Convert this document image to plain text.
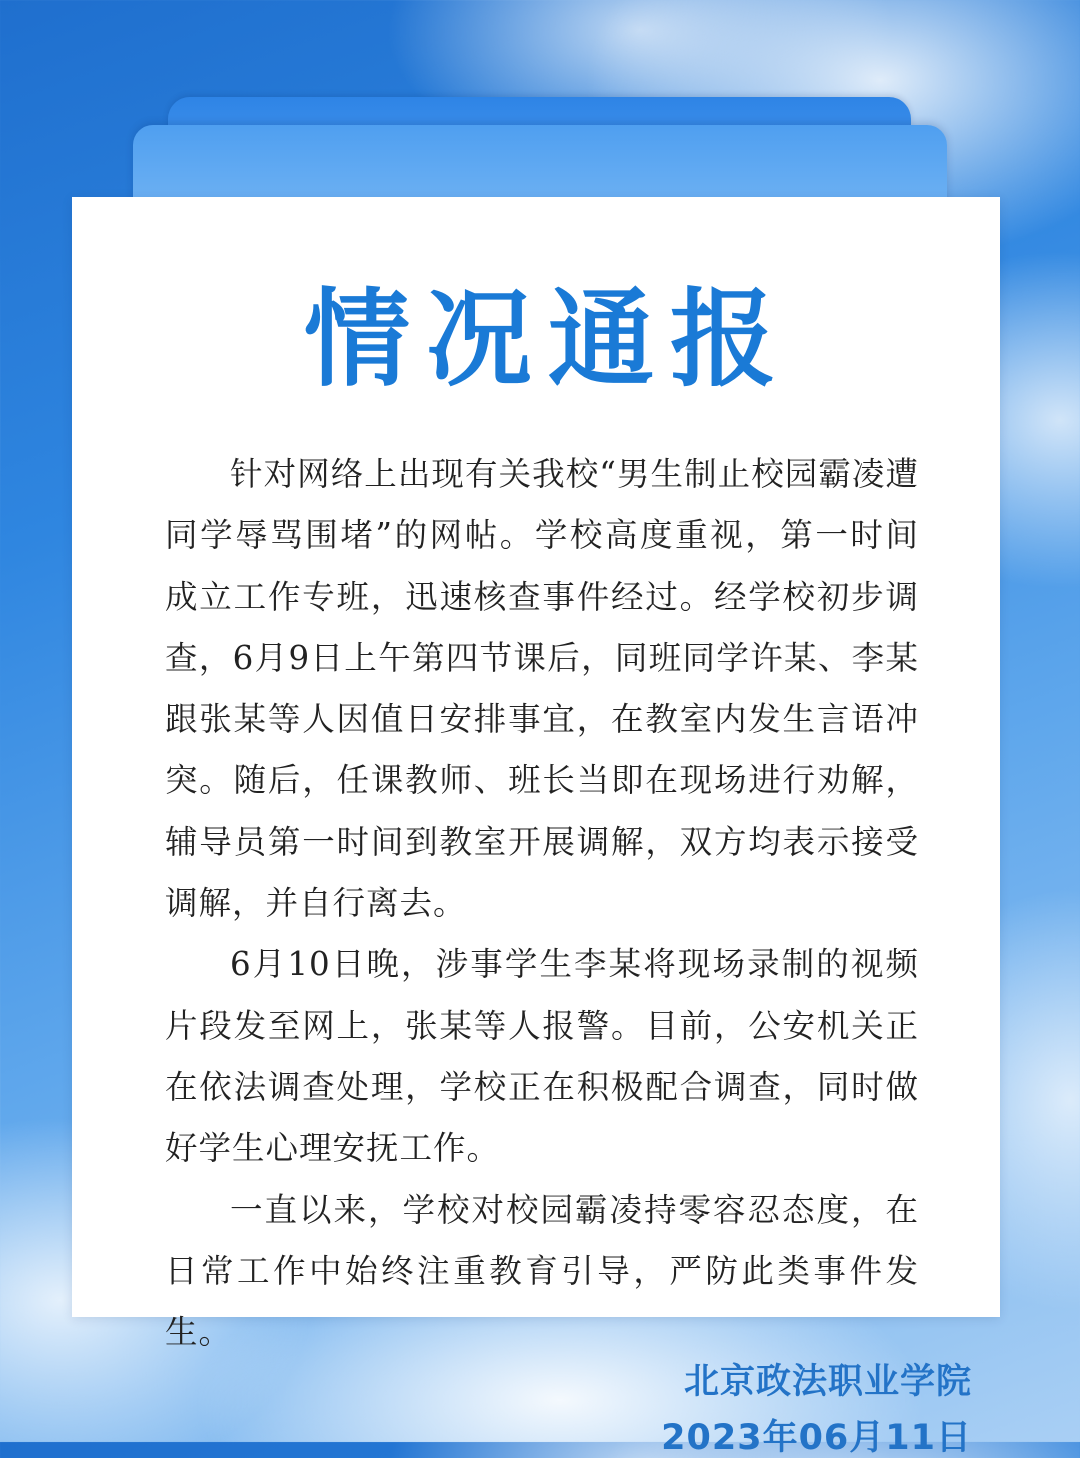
情况通报

针对网络上出现有关我校“男生制止校园霸凌遭同学辱骂围堵”的网帖。学校高度重视，第一时间成立工作专班，迅速核查事件经过。经学校初步调查，6月9日上午第四节课后，同班同学许某、李某跟张某等人因值日安排事宜，在教室内发生言语冲突。随后，任课教师、班长当即在现场进行劝解，辅导员第一时间到教室开展调解，双方均表示接受调解，并自行离去。

6月10日晚，涉事学生李某将现场录制的视频片段发至网上，张某等人报警。目前，公安机关正在依法调查处理，学校正在积极配合调查，同时做好学生心理安抚工作。

一直以来，学校对校园霸凌持零容忍态度，在日常工作中始终注重教育引导，严防此类事件发生。

北京政法职业学院
2023年06月11日
